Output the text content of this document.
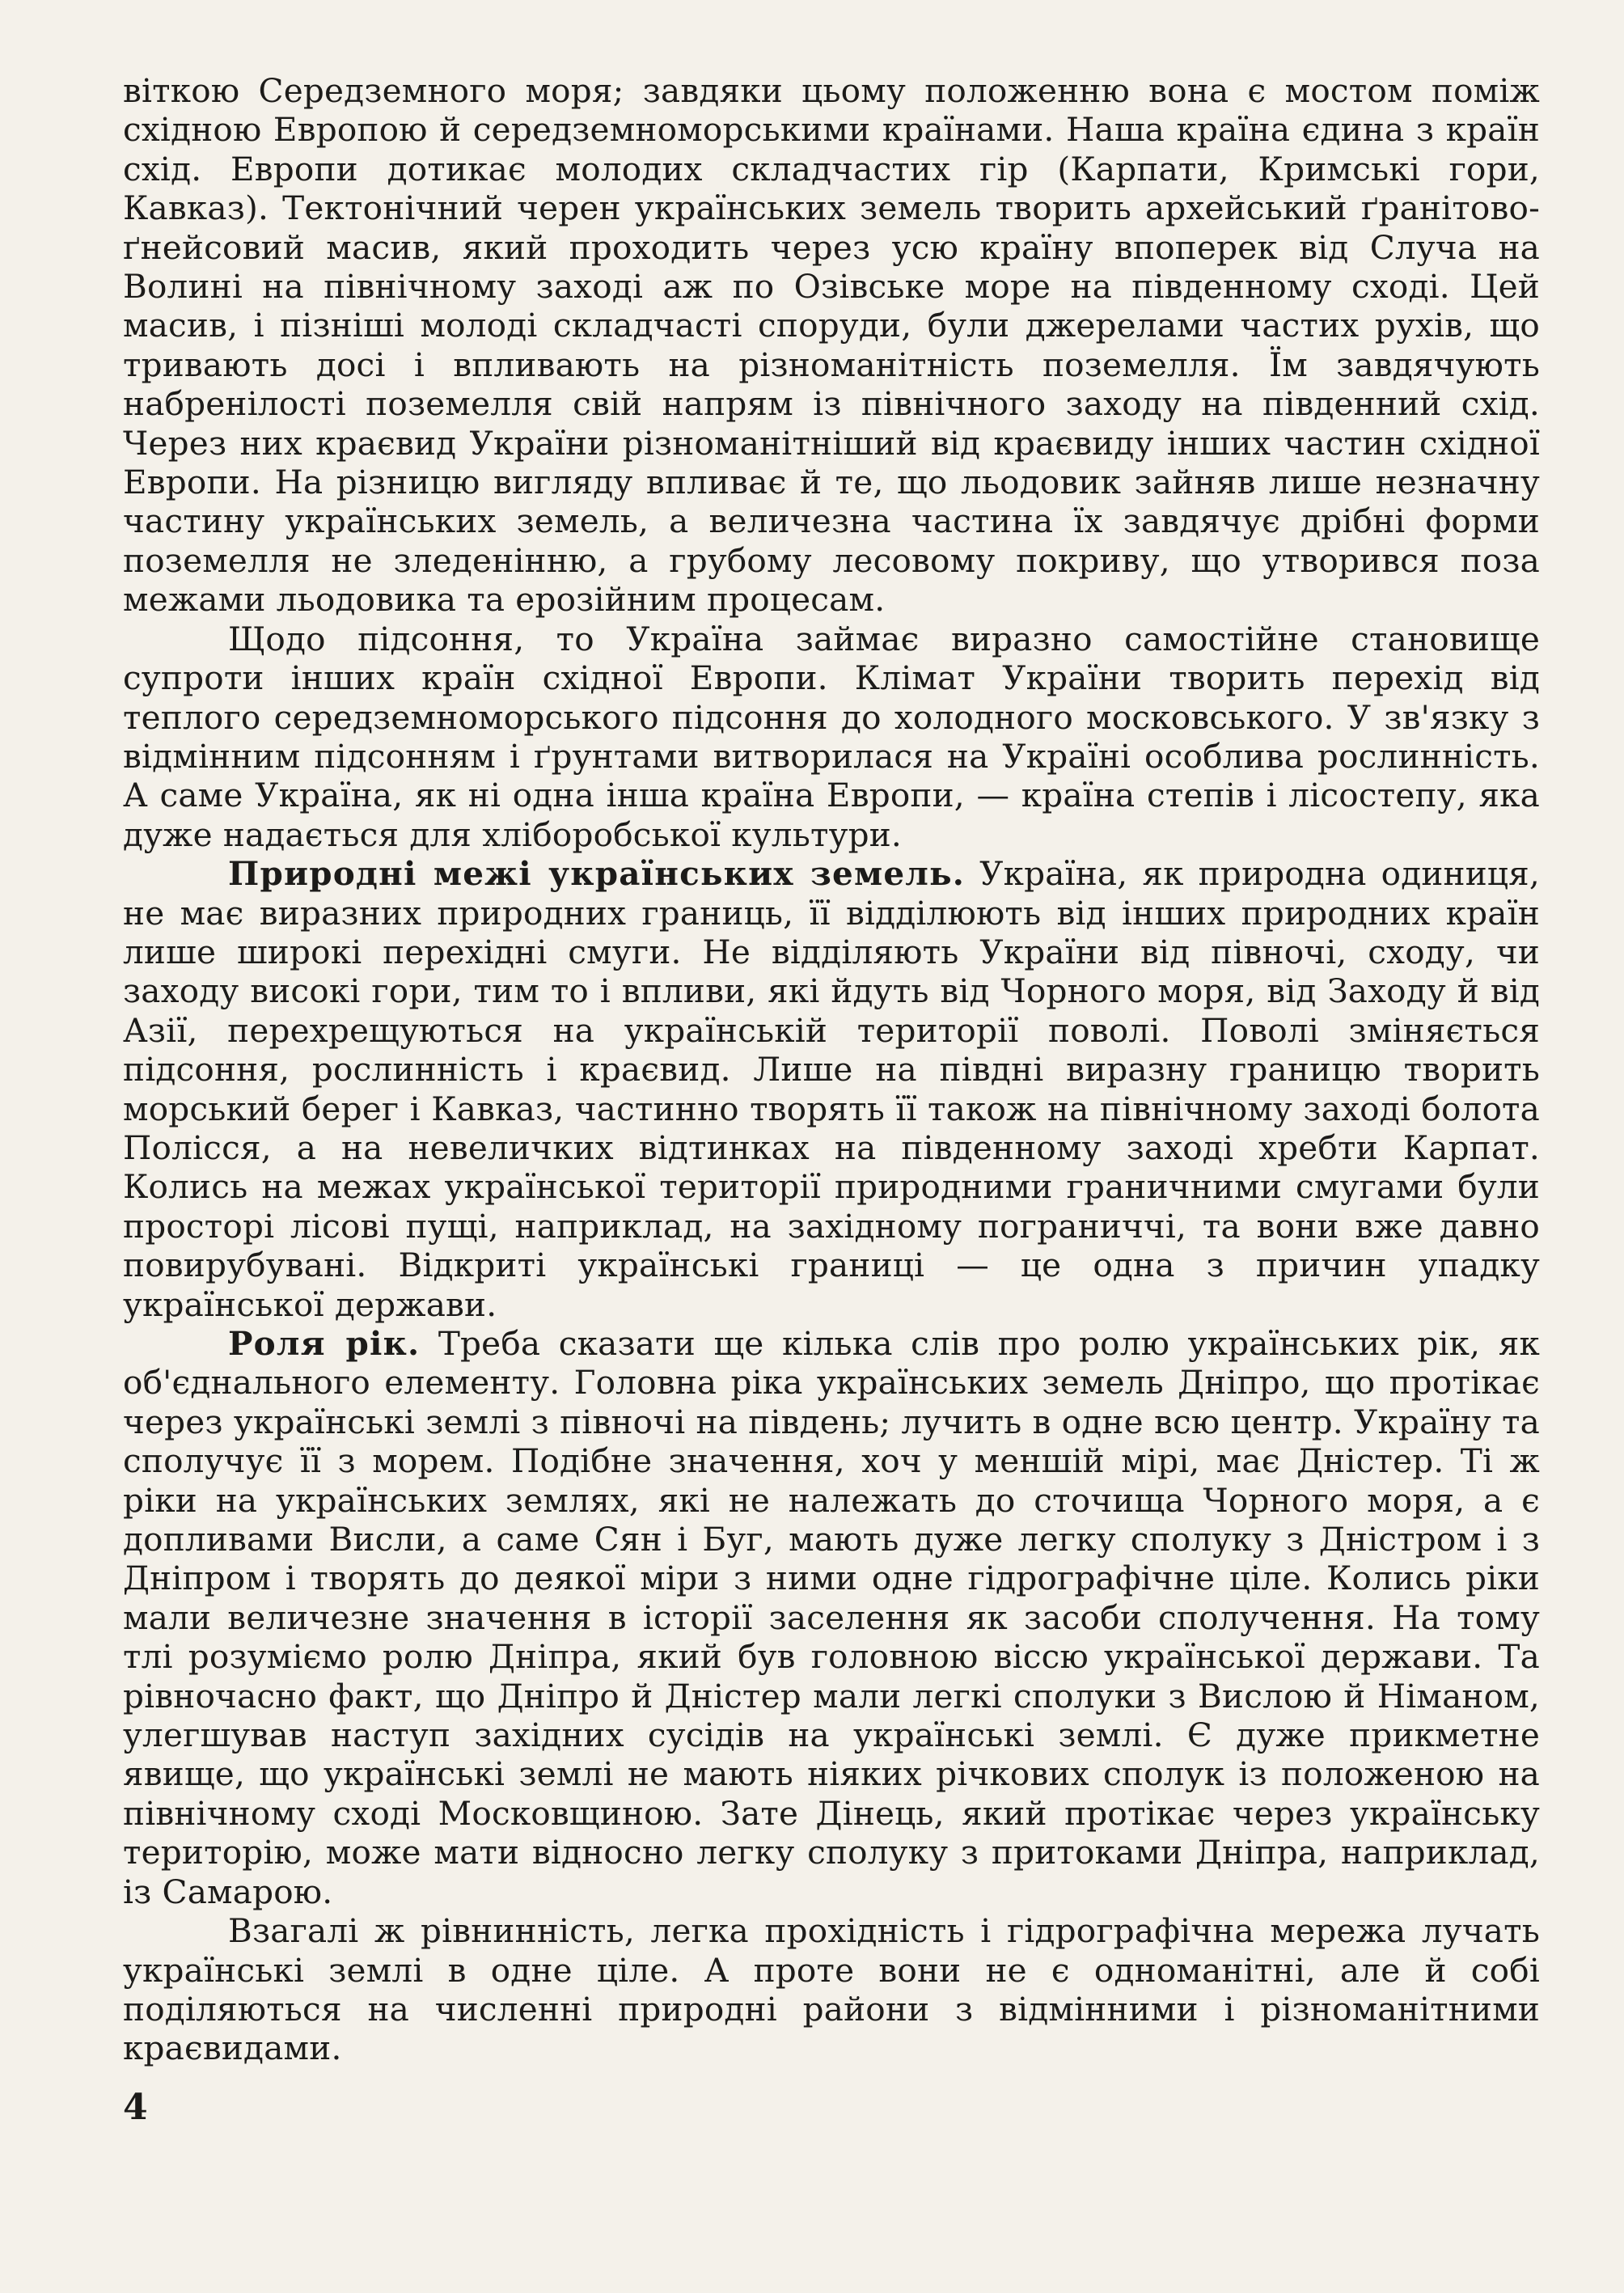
віткою Середземного моря; завдяки цьому положенню вона є мостом поміж східною Европою й середземноморськими країнами. Наша країна єдина з країн схід. Европи дотикає молодих складчастих гір (Карпати, Кримські гори, Кавказ). Тектонічний черен українських земель творить архейський ґранітово-ґнейсовий масив, який проходить через усю країну впоперек від Случа на Волині на північному заході аж по Озівське море на південному сході. Цей масив, і пізніші молоді складчасті споруди, були джерелами частих рухів, що тривають досі і впливають на різноманітність поземелля. Їм завдячують набренілості поземелля свій напрям із північного заходу на південний схід. Через них краєвид України різноманітніший від краєвиду інших частин східної Европи. На різницю вигляду впливає й те, що льодовик зайняв лише незначну частину українських земель, а величезна частина їх завдячує дрібні форми поземелля не зледенінню, а грубому лесовому покриву, що утворився поза межами льодовика та ерозійним процесам.

Щодо підсоння, то Україна займає виразно самостійне становище супроти інших країн східної Европи. Клімат України творить перехід від теплого середземноморського підсоння до холодного московського. У зв'язку з відмінним підсонням і ґрунтами витворилася на Україні особлива рослинність. А саме Україна, як ні одна інша країна Европи, — країна степів і лісостепу, яка дуже надається для хліборобської культури.

Природні межі українських земель. Україна, як природна одиниця, не має виразних природних границь, її відділюють від інших природних країн лише широкі перехідні смуги. Не відділяють України від півночі, сходу, чи заходу високі гори, тим то і впливи, які йдуть від Чорного моря, від Заходу й від Азії, перехрещуються на українській території поволі. Поволі зміняється підсоння, рослинність і краєвид. Лише на півдні виразну границю творить морський берег і Кавказ, частинно творять її також на північному заході болота Полісся, а на невеличких відтинках на південному заході хребти Карпат. Колись на межах української території природними граничними смугами були просторі лісові пущі, наприклад, на західному пограниччі, та вони вже давно повирубувані. Відкриті українські границі — це одна з причин упадку української держави.

Роля рік. Треба сказати ще кілька слів про ролю українських рік, як об'єднального елементу. Головна ріка українських земель Дніпро, що протікає через українські землі з півночі на південь; лучить в одне всю центр. Україну та сполучує її з морем. Подібне значення, хоч у меншій мірі, має Дністер. Ті ж ріки на українських землях, які не належать до сточища Чорного моря, а є допливами Висли, а саме Сян і Буг, мають дуже легку сполуку з Дністром і з Дніпром і творять до деякої міри з ними одне гідрографічне ціле. Колись ріки мали величезне значення в історії заселення як засоби сполучення. На тому тлі розуміємо ролю Дніпра, який був головною віссю української держави. Та рівночасно факт, що Дніпро й Дністер мали легкі сполуки з Вислою й Німаном, улегшував наступ західних сусідів на українські землі. Є дуже прикметне явище, що українські землі не мають ніяких річкових сполук із положеною на північному сході Московщиною. Зате Дінець, який протікає через українську територію, може мати відносно легку сполуку з притоками Дніпра, наприклад, із Самарою.

Взагалі ж рівнинність, легка прохідність і гідрографічна мережа лучать українські землі в одне ціле. А проте вони не є одноманітні, але й собі поділяються на численні природні райони з відмінними і різноманітними краєвидами.

4
